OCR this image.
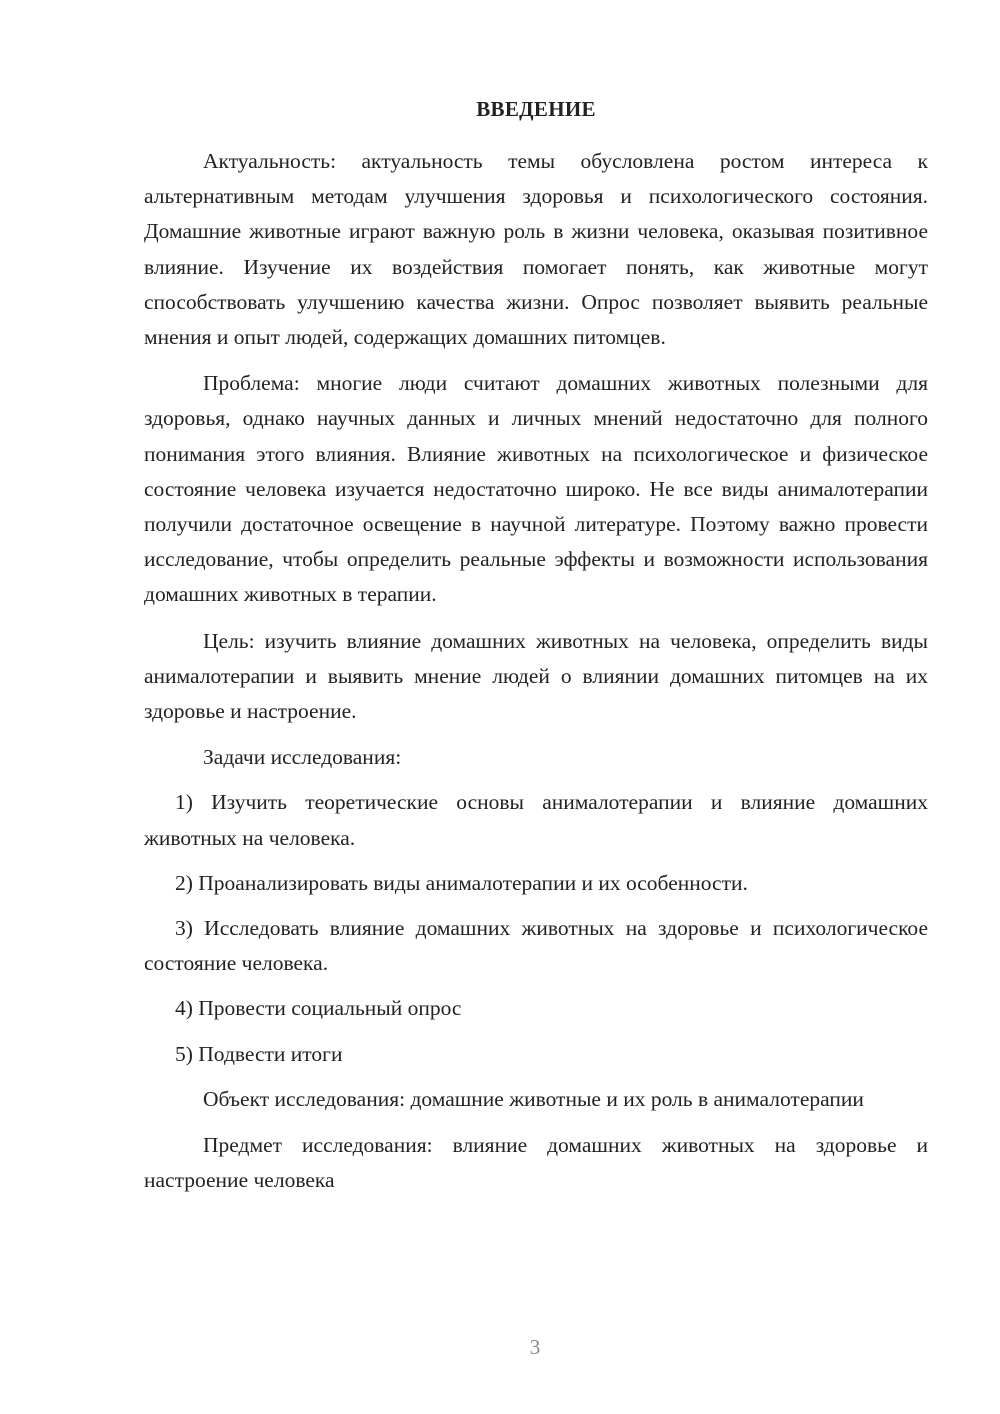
ВВЕДЕНИЕ

Актуальность: актуальность темы обусловлена ростом интереса к альтернативным методам улучшения здоровья и психологического состояния. Домашние животные играют важную роль в жизни человека, оказывая позитивное влияние. Изучение их воздействия помогает понять, как животные могут способствовать улучшению качества жизни. Опрос позволяет выявить реальные мнения и опыт людей, содержащих домашних питомцев.

Проблема: многие люди считают домашних животных полезными для здоровья, однако научных данных и личных мнений недостаточно для полного понимания этого влияния. Влияние животных на психологическое и физическое состояние человека изучается недостаточно широко. Не все виды анималотерапии получили достаточное освещение в научной литературе. Поэтому важно провести исследование, чтобы определить реальные эффекты и возможности использования домашних животных в терапии.

Цель: изучить влияние домашних животных на человека, определить виды анималотерапии и выявить мнение людей о влиянии домашних питомцев на их здоровье и настроение.

Задачи исследования:

1) Изучить теоретические основы анималотерапии и влияние домашних животных на человека.

2) Проанализировать виды анималотерапии и их особенности.

3) Исследовать влияние домашних животных на здоровье и психологическое состояние человека.

4) Провести социальный опрос

5) Подвести итоги

Объект исследования: домашние животные и их роль в анималотерапии

Предмет исследования: влияние домашних животных на здоровье и настроение человека

3
